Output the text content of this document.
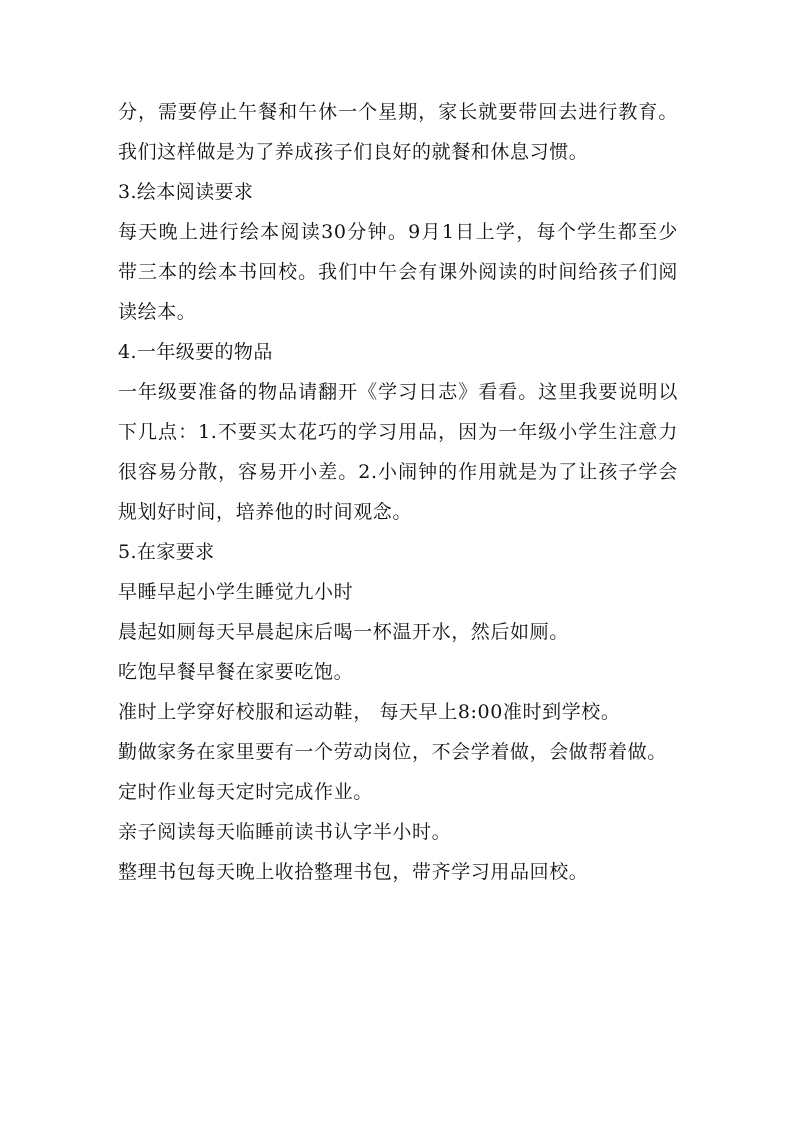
分，需要停止午餐和午休一个星期，家长就要带回去进行教育。我们这样做是为了养成孩子们良好的就餐和休息习惯。

3.绘本阅读要求

每天晚上进行绘本阅读30分钟。9月1日上学，每个学生都至少带三本的绘本书回校。我们中午会有课外阅读的时间给孩子们阅读绘本。

4.一年级要的物品

一年级要准备的物品请翻开《学习日志》看看。这里我要说明以下几点：1.不要买太花巧的学习用品，因为一年级小学生注意力很容易分散，容易开小差。2.小闹钟的作用就是为了让孩子学会规划好时间，培养他的时间观念。

5.在家要求

早睡早起小学生睡觉九小时

晨起如厕每天早晨起床后喝一杯温开水，然后如厕。

吃饱早餐早餐在家要吃饱。

准时上学穿好校服和运动鞋， 每天早上8:00准时到学校。

勤做家务在家里要有一个劳动岗位，不会学着做，会做帮着做。

定时作业每天定时完成作业。

亲子阅读每天临睡前读书认字半小时。

整理书包每天晚上收拾整理书包，带齐学习用品回校。
